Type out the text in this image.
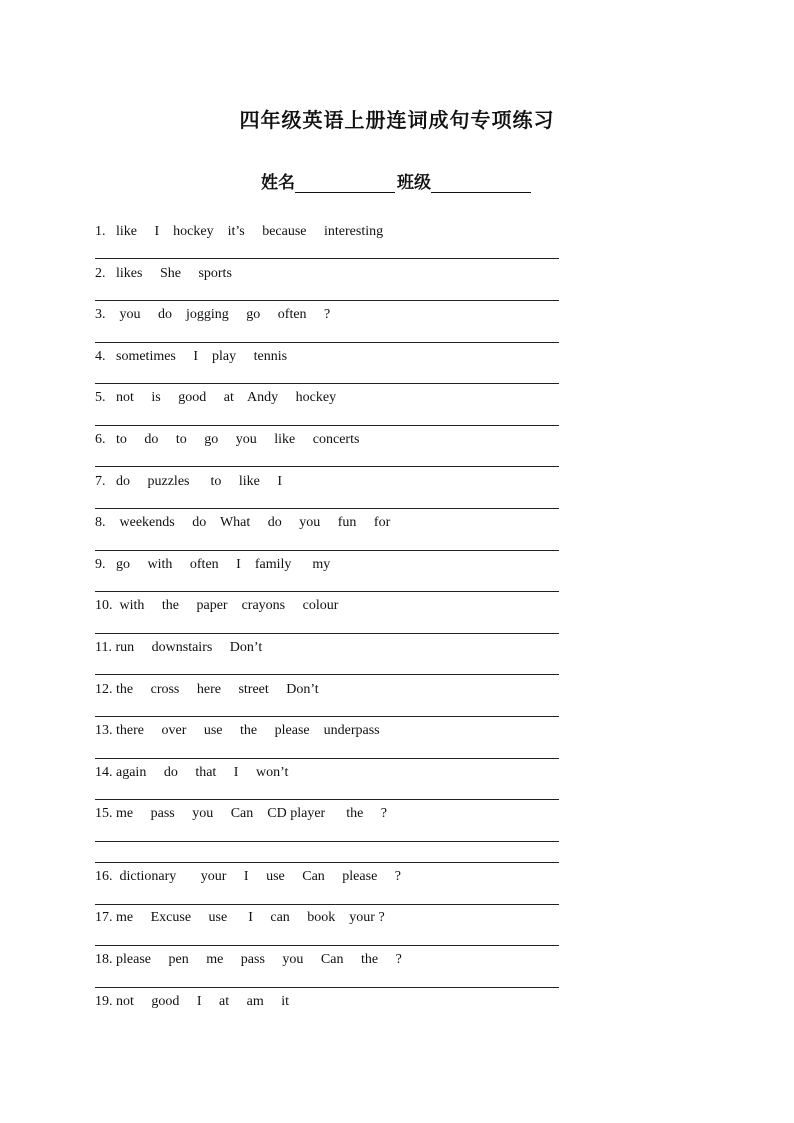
四年级英语上册连词成句专项练习
姓名	班级
1.   like     I    hockey    it’s     because     interesting
2.   likes     She     sports
3.    you     do    jogging     go     often     ?
4.   sometimes     I    play     tennis
5.   not     is     good     at    Andy     hockey
6.   to     do     to     go     you     like     concerts
7.   do     puzzles      to     like     I
8.    weekends     do    What     do     you     fun     for
9.   go     with     often     I    family      my
10.  with     the     paper    crayons     colour
11. run     downstairs     Don’t
12. the     cross     here     street     Don’t
13. there     over     use     the     please    underpass
14. again     do     that     I     won’t
15. me     pass     you     Can    CD player      the     ?
16.  dictionary       your     I     use     Can     please     ?
17. me     Excuse     use      I     can     book    your ?
18. please     pen     me     pass     you     Can     the     ?
19. not     good     I     at     am     it
